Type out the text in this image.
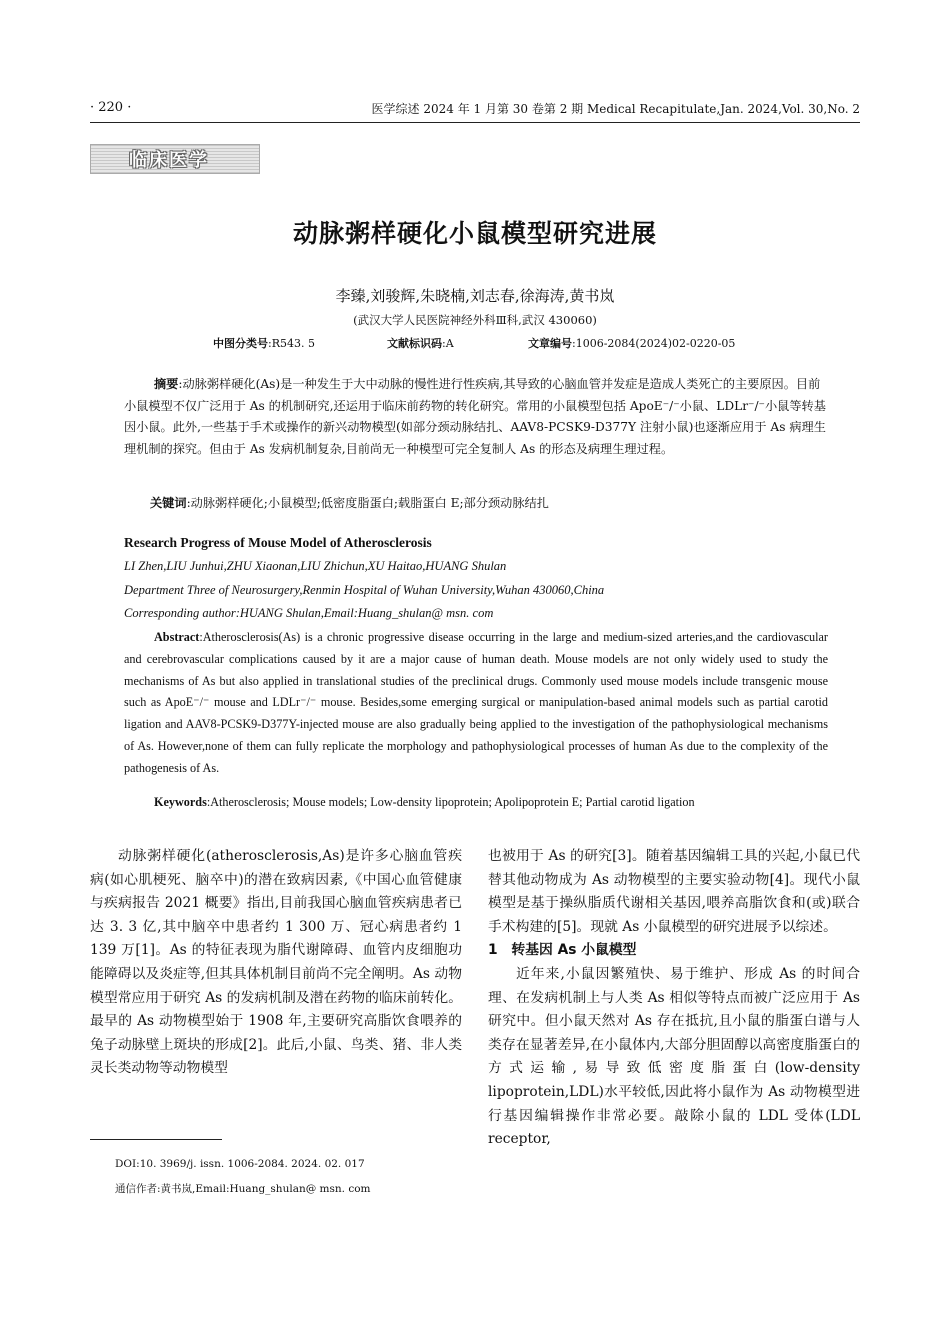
· 220 ·	医学综述 2024 年 1 月第 30 卷第 2 期 Medical Recapitulate,Jan. 2024,Vol. 30,No. 2
临床医学
动脉粥样硬化小鼠模型研究进展
李臻,刘骏辉,朱晓楠,刘志春,徐海涛,黄书岚
(武汉大学人民医院神经外科Ⅲ科,武汉 430060)
中图分类号:R543. 5	文献标识码:A	文章编号:1006-2084(2024)02-0220-05
摘要:动脉粥样硬化(As)是一种发生于大中动脉的慢性进行性疾病,其导致的心脑血管并发症是造成人类死亡的主要原因。目前小鼠模型不仅广泛用于 As 的机制研究,还运用于临床前药物的转化研究。常用的小鼠模型包括 ApoE⁻/⁻小鼠、LDLr⁻/⁻小鼠等转基因小鼠。此外,一些基于手术或操作的新兴动物模型(如部分颈动脉结扎、AAV8-PCSK9-D377Y 注射小鼠)也逐渐应用于 As 病理生理机制的探究。但由于 As 发病机制复杂,目前尚无一种模型可完全复制人 As 的形态及病理生理过程。
关键词:动脉粥样硬化;小鼠模型;低密度脂蛋白;载脂蛋白 E;部分颈动脉结扎
Research Progress of Mouse Model of Atherosclerosis
LI Zhen,LIU Junhui,ZHU Xiaonan,LIU Zhichun,XU Haitao,HUANG Shulan
Department Three of Neurosurgery,Renmin Hospital of Wuhan University,Wuhan 430060,China
Corresponding author:HUANG Shulan,Email:Huang_shulan@ msn. com
Abstract:Atherosclerosis(As) is a chronic progressive disease occurring in the large and medium-sized arteries,and the cardiovascular and cerebrovascular complications caused by it are a major cause of human death. Mouse models are not only widely used to study the mechanisms of As but also applied in translational studies of the preclinical drugs. Commonly used mouse models include transgenic mouse such as ApoE⁻/⁻ mouse and LDLr⁻/⁻ mouse. Besides,some emerging surgical or manipulation-based animal models such as partial carotid ligation and AAV8-PCSK9-D377Y-injected mouse are also gradually being applied to the investigation of the pathophysiological mechanisms of As. However,none of them can fully replicate the morphology and pathophysiological processes of human As due to the complexity of the pathogenesis of As.
Keywords:Atherosclerosis; Mouse models; Low-density lipoprotein; Apolipoprotein E; Partial carotid ligation

动脉粥样硬化(atherosclerosis,As)是许多心脑血管疾病(如心肌梗死、脑卒中)的潜在致病因素,《中国心血管健康与疾病报告 2021 概要》指出,目前我国心脑血管疾病患者已达 3. 3 亿,其中脑卒中患者约 1 300 万、冠心病患者约 1 139 万[1]。As 的特征表现为脂代谢障碍、血管内皮细胞功能障碍以及炎症等,但其具体机制目前尚不完全阐明。As 动物模型常应用于研究 As 的发病机制及潜在药物的临床前转化。最早的 As 动物模型始于 1908 年,主要研究高脂饮食喂养的兔子动脉壁上斑块的形成[2]。此后,小鼠、鸟类、猪、非人类灵长类动物等动物模型

也被用于 As 的研究[3]。随着基因编辑工具的兴起,小鼠已代替其他动物成为 As 动物模型的主要实验动物[4]。现代小鼠模型是基于操纵脂质代谢相关基因,喂养高脂饮食和(或)联合手术构建的[5]。现就 As 小鼠模型的研究进展予以综述。

1　转基因 As 小鼠模型

近年来,小鼠因繁殖快、易于维护、形成 As 的时间合理、在发病机制上与人类 As 相似等特点而被广泛应用于 As 研究中。但小鼠天然对 As 存在抵抗,且小鼠的脂蛋白谱与人类存在显著差异,在小鼠体内,大部分胆固醇以高密度脂蛋白的方式运输,易导致低密度脂蛋白(low-density lipoprotein,LDL)水平较低,因此将小鼠作为 As 动物模型进行基因编辑操作非常必要。敲除小鼠的 LDL 受体(LDL receptor,

DOI:10. 3969/j. issn. 1006-2084. 2024. 02. 017
通信作者:黄书岚,Email:Huang_shulan@ msn. com
